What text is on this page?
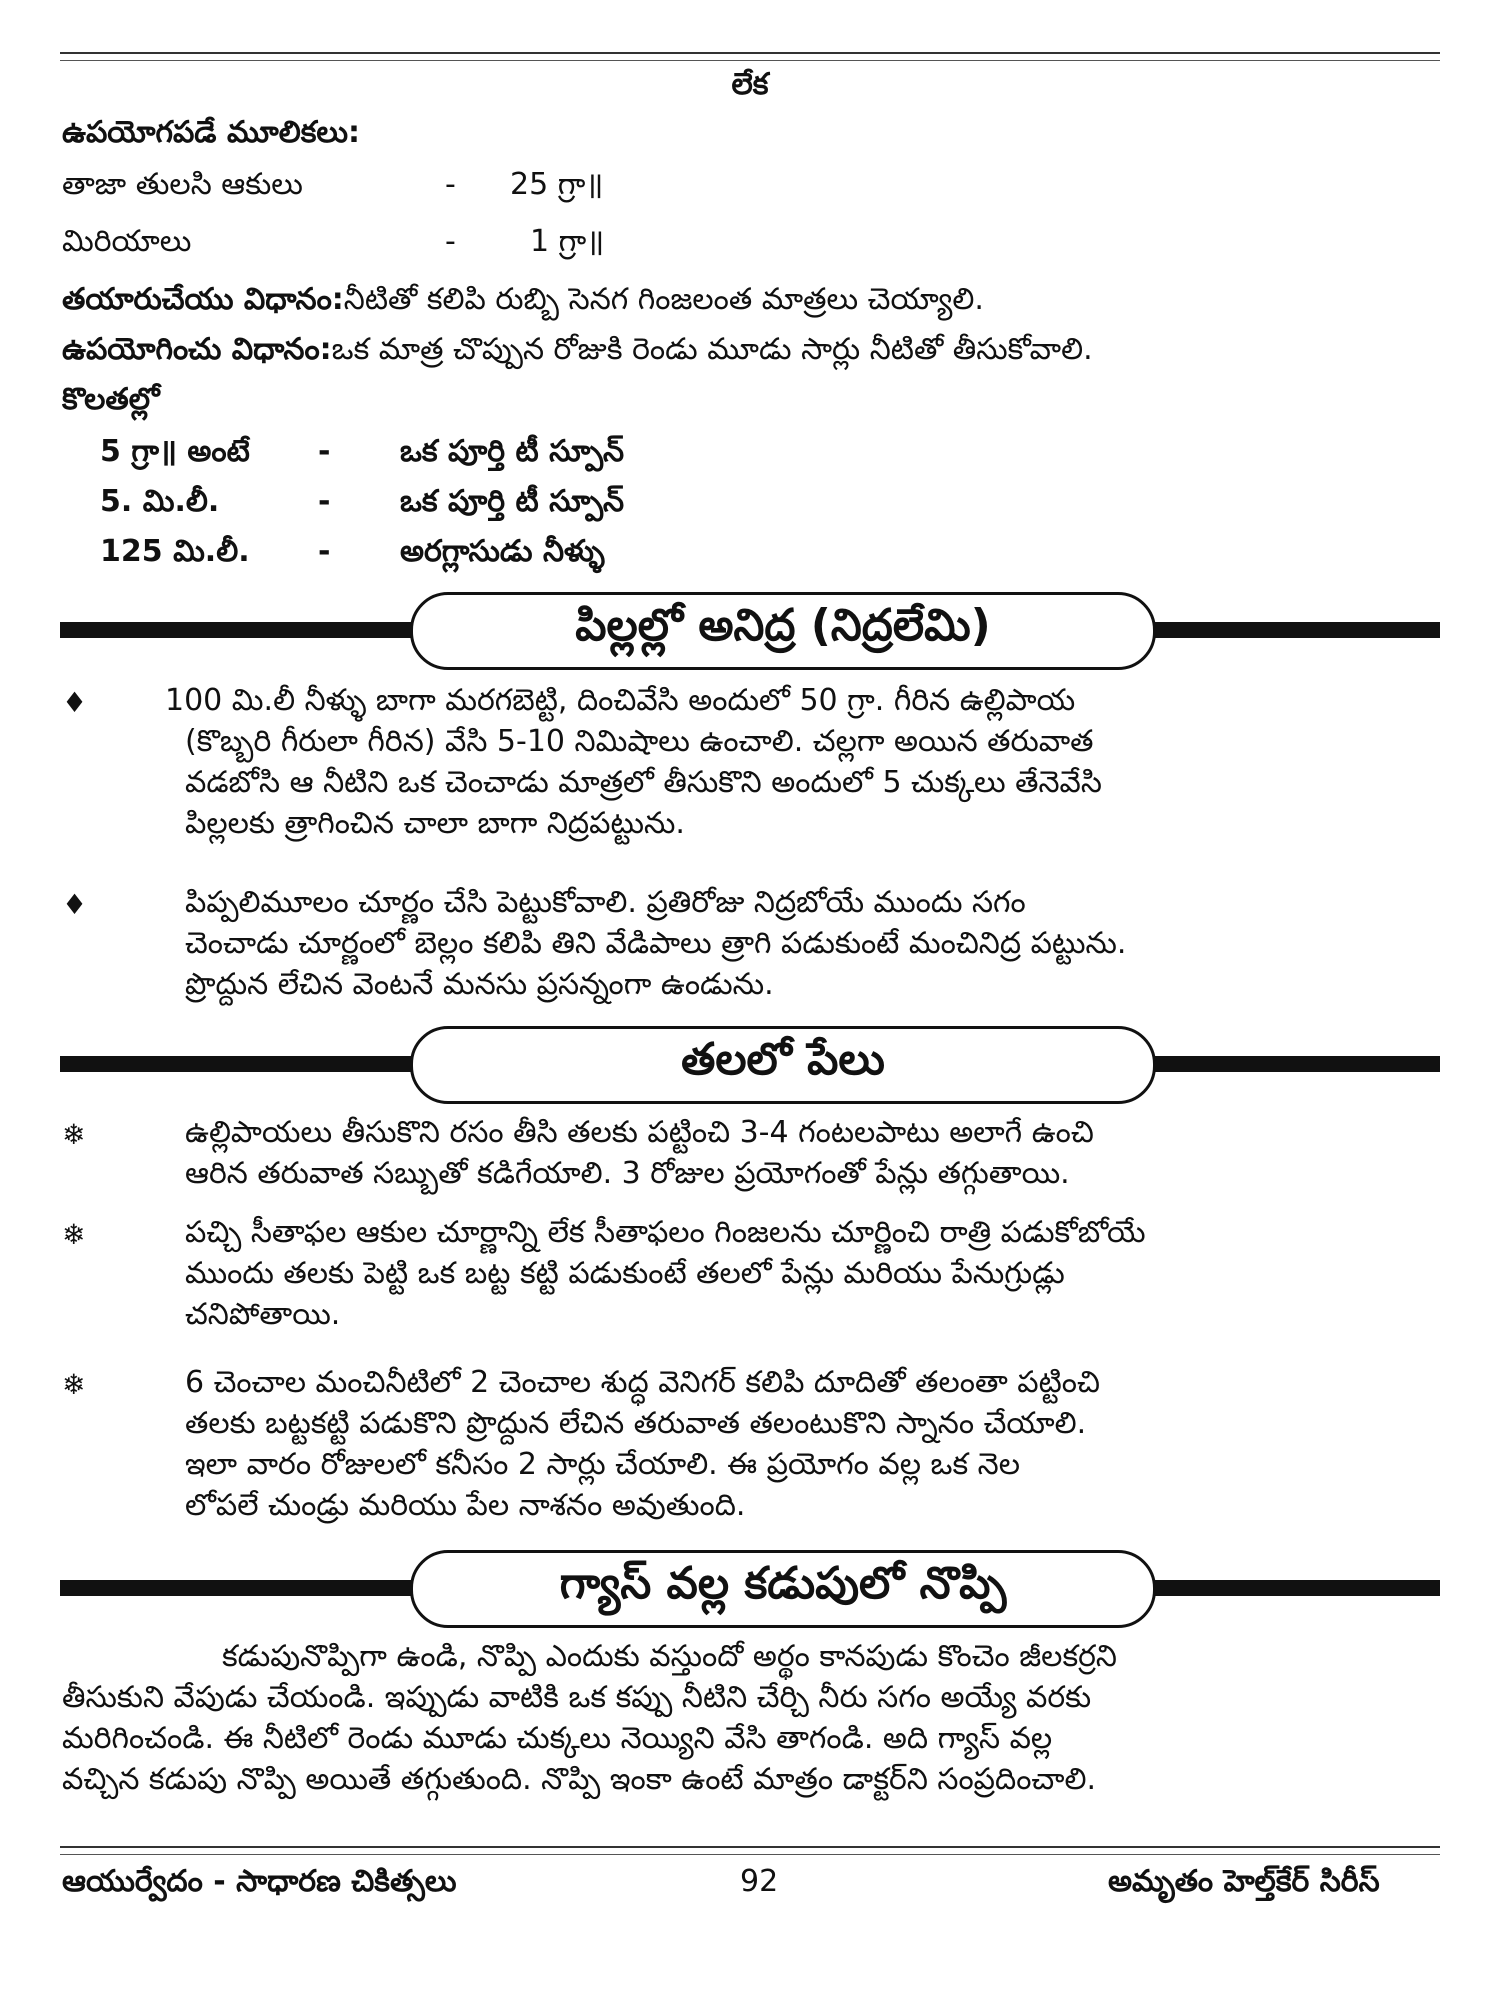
లేక
ఉపయోగపడే మూలికలు:
తాజా తులసి ఆకులు	- 25 గ్రా॥
మిరియాలు	- 1 గ్రా॥
తయారుచేయు విధానం:నీటితో కలిపి రుబ్బి సెనగ గింజలంత మాత్రలు చెయ్యాలి.
ఉపయోగించు విధానం:ఒక మాత్ర చొప్పున రోజుకి రెండు మూడు సార్లు నీటితో తీసుకోవాలి.
కొలతల్లో
5 గ్రా॥ అంటే - ఒక పూర్తి టీ స్పూన్
5. మి.లీ.	- ఒక పూర్తి టీ స్పూన్
125 మి.లీ. - అరగ్లాసుడు నీళ్ళు
పిల్లల్లో అనిద్ర (నిద్రలేమి)
♦	100 మి.లీ నీళ్ళు బాగా మరగబెట్టి, దించివేసి అందులో 50 గ్రా. గీరిన ఉల్లిపాయ
(కొబ్బరి గీరులా గీరిన) వేసి 5-10 నిమిషాలు ఉంచాలి. చల్లగా అయిన తరువాత
వడబోసి ఆ నీటిని ఒక చెంచాడు మాత్రలో తీసుకొని అందులో 5 చుక్కలు తేనెవేసి
పిల్లలకు త్రాగించిన చాలా బాగా నిద్రపట్టును.
♦	పిప్పలిమూలం చూర్ణం చేసి పెట్టుకోవాలి. ప్రతిరోజు నిద్రబోయే ముందు సగం
చెంచాడు చూర్ణంలో బెల్లం కలిపి తిని వేడిపాలు త్రాగి పడుకుంటే మంచినిద్ర పట్టును.
ప్రొద్దున లేచిన వెంటనే మనసు ప్రసన్నంగా ఉండును.
తలలో పేలు
❄	ఉల్లిపాయలు తీసుకొని రసం తీసి తలకు పట్టించి 3-4 గంటలపాటు అలాగే ఉంచి
ఆరిన తరువాత సబ్బుతో కడిగేయాలి. 3 రోజుల ప్రయోగంతో పేన్లు తగ్గుతాయి.
❄	పచ్చి సీతాఫల ఆకుల చూర్ణాన్ని లేక సీతాఫలం గింజలను చూర్ణించి రాత్రి పడుకోబోయే
ముందు తలకు పెట్టి ఒక బట్ట కట్టి పడుకుంటే తలలో పేన్లు మరియు పేనుగ్రుడ్లు
చనిపోతాయి.
❄	6 చెంచాల మంచినీటిలో 2 చెంచాల శుద్ధ వెనిగర్ కలిపి దూదితో తలంతా పట్టించి
తలకు బట్టకట్టి పడుకొని ప్రొద్దున లేచిన తరువాత తలంటుకొని స్నానం చేయాలి.
ఇలా వారం రోజులలో కనీసం 2 సార్లు చేయాలి. ఈ ప్రయోగం వల్ల ఒక నెల
లోపలే చుండ్రు మరియు పేల నాశనం అవుతుంది.
గ్యాస్ వల్ల కడుపులో నొప్పి
కడుపునొప్పిగా ఉండి, నొప్పి ఎందుకు వస్తుందో అర్థం కానపుడు కొంచెం జీలకర్రని
తీసుకుని వేపుడు చేయండి. ఇప్పుడు వాటికి ఒక కప్పు నీటిని చేర్చి నీరు సగం అయ్యే వరకు
మరిగించండి. ఈ నీటిలో రెండు మూడు చుక్కలు నెయ్యిని వేసి తాగండి. అది గ్యాస్ వల్ల
వచ్చిన కడుపు నొప్పి అయితే తగ్గుతుంది. నొప్పి ఇంకా ఉంటే మాత్రం డాక్టర్‌ని సంప్రదించాలి.
ఆయుర్వేదం - సాధారణ చికిత్సలు	92	అమృతం హెల్త్‌కేర్ సిరీస్
